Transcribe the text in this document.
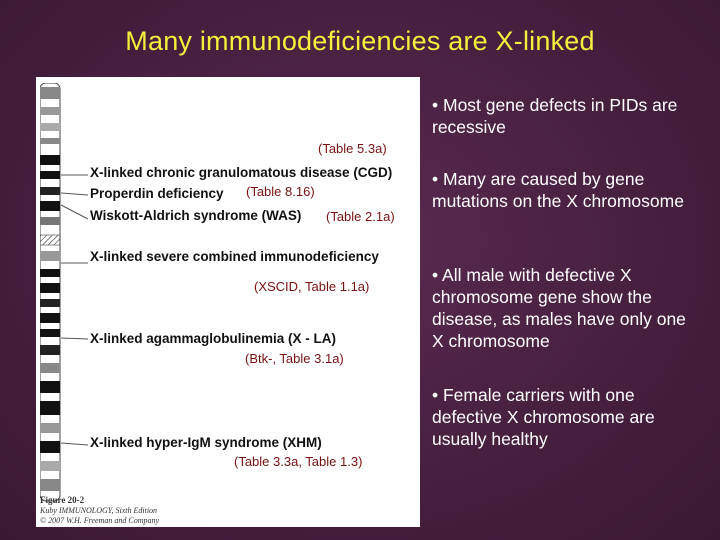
Many immunodeficiencies are X-linked
X-linked chronic granulomatous disease (CGD)
Properdin deficiency
Wiskott-Aldrich syndrome (WAS)
X-linked severe combined immunodeficiency
X-linked agammaglobulinemia (X - LA)
X-linked hyper-IgM syndrome (XHM)
(Table 5.3a)
(Table 8.16)
(Table 2.1a)
(XSCID, Table 1.1a)
(Btk-, Table 3.1a)
(Table 3.3a, Table 1.3)
Figure 20-2
Kuby IMMUNOLOGY, Sixth Edition
© 2007 W.H. Freeman and Company
• Most gene defects in PIDs are recessive
• Many are caused by gene mutations on the X chromosome
• All male with defective X chromosome gene show the disease, as males have only one X chromosome
• Female carriers with one defective X chromosome are usually healthy
